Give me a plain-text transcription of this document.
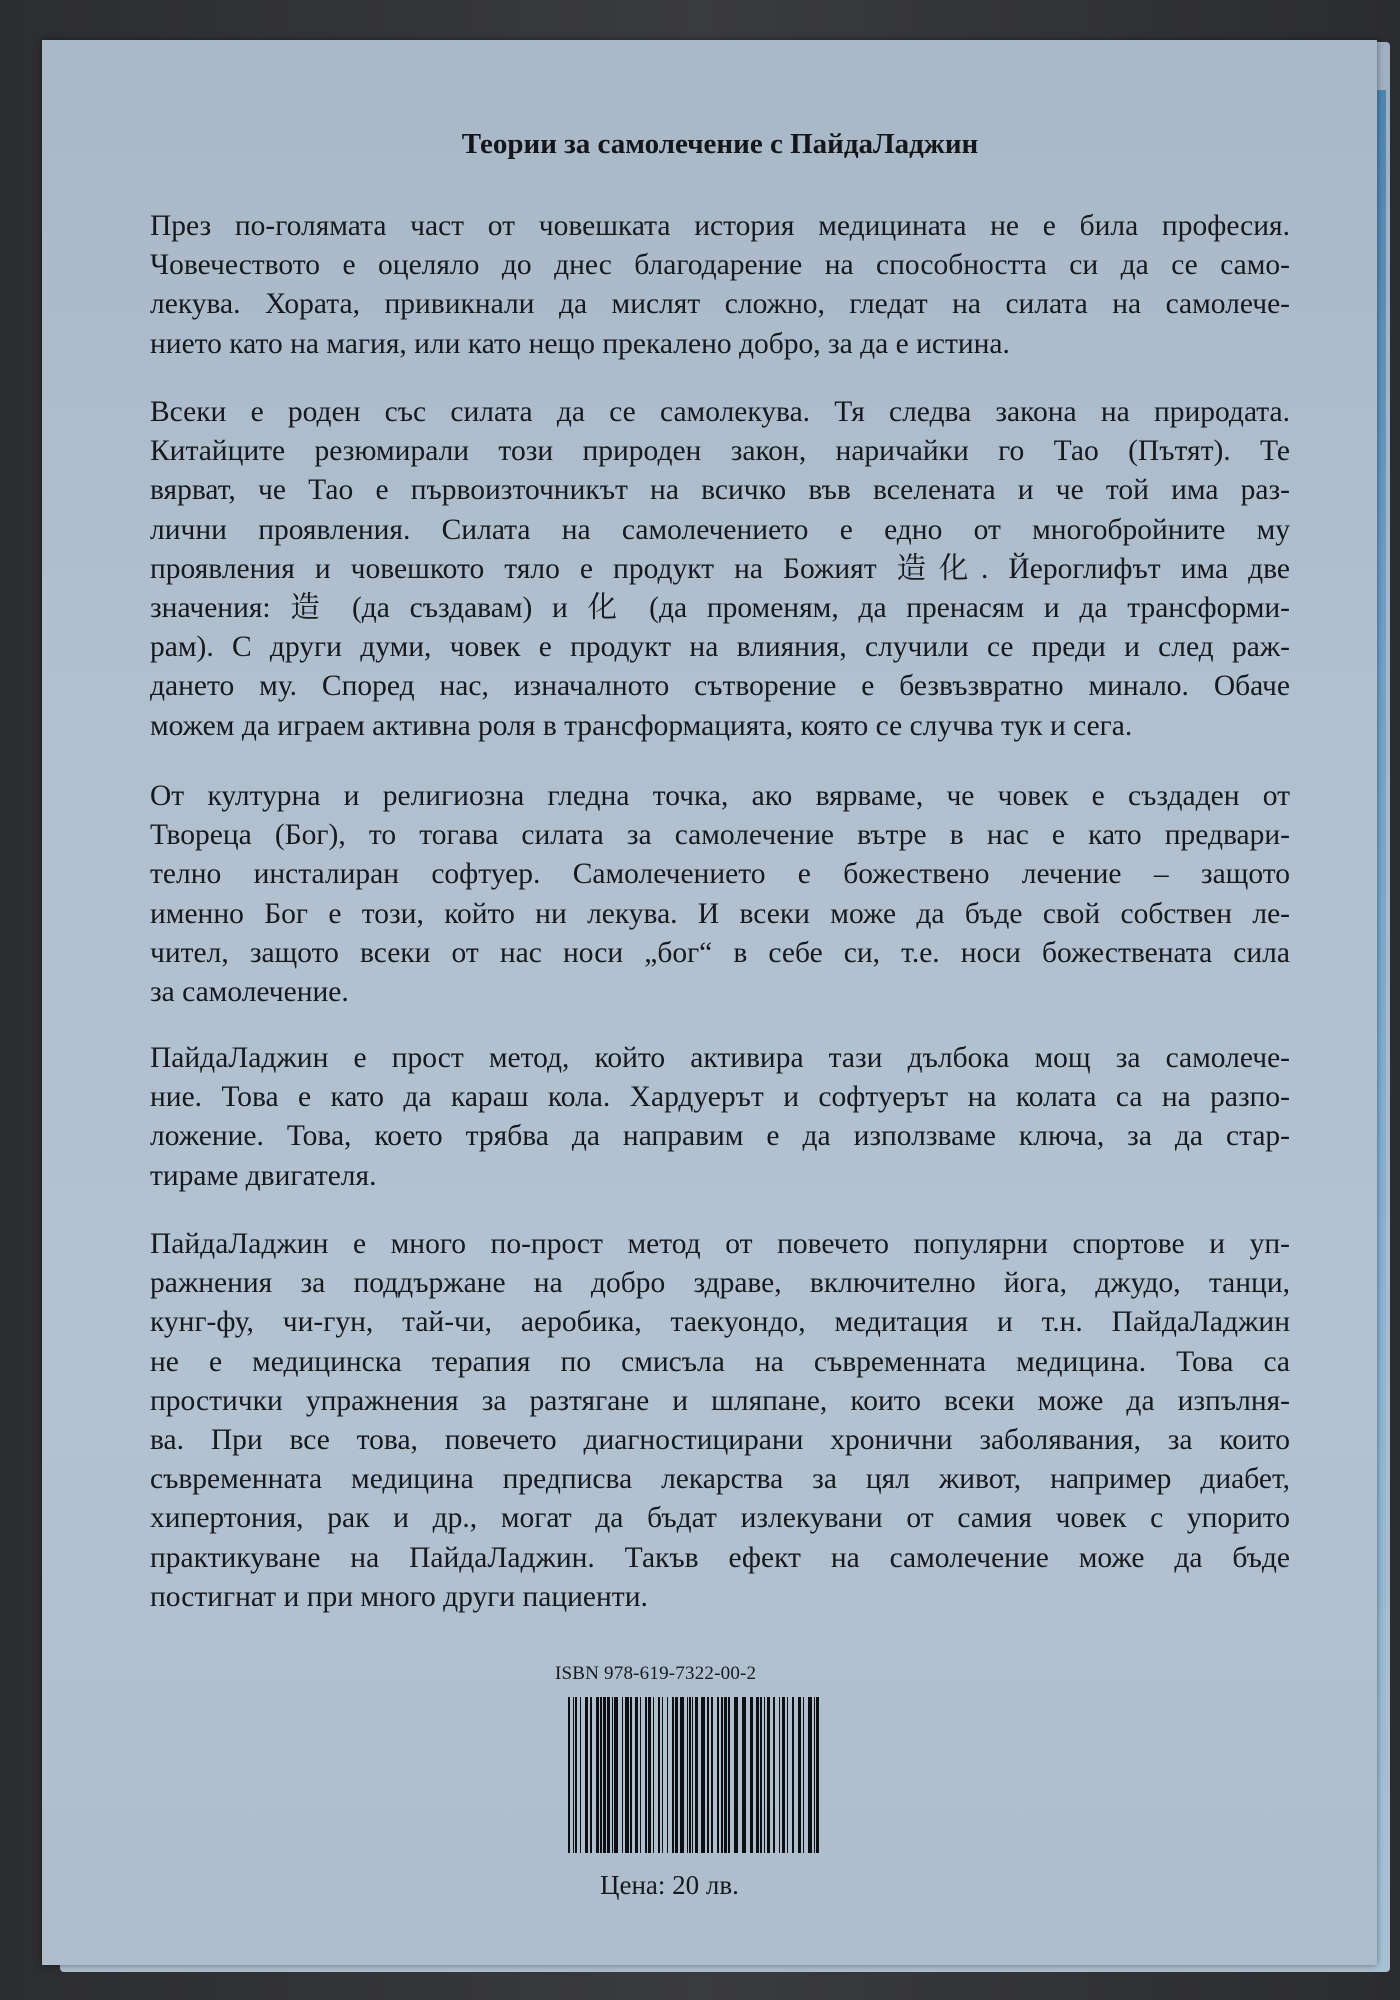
Теории за самолечение с ПайдаЛаджин

През по-голямата част от човешката история медицината не е била професия.
Човечеството е оцеляло до днес благодарение на способността си да се само-
лекува. Хората, привикнали да мислят сложно, гледат на силата на самолече-
нието като на магия, или като нещо прекалено добро, за да е истина.

Всеки е роден със силата да се самолекува. Тя следва закона на природата.
Китайците резюмирали този природен закон, наричайки го Тао (Пътят). Те
вярват, че Тао е първоизточникът на всичко във вселената и че той има раз-
лични проявления. Силата на самолечението е едно от многобройните му
проявления и човешкото тяло е продукт на Божият 造化. Йероглифът има две
значения: 造 (да създавам) и 化 (да променям, да пренасям и да трансформи-
рам). С други думи, човек е продукт на влияния, случили се преди и след раж-
дането му. Според нас, изначалното сътворение е безвъзвратно минало. Обаче
можем да играем активна роля в трансформацията, която се случва тук и сега.

От културна и религиозна гледна точка, ако вярваме, че човек е създаден от
Твореца (Бог), то тогава силата за самолечение вътре в нас е като предвари-
телно инсталиран софтуер. Самолечението е божествено лечение – защото
именно Бог е този, който ни лекува. И всеки може да бъде свой собствен ле-
чител, защото всеки от нас носи „бог“ в себе си, т.е. носи божествената сила
за самолечение.

ПайдаЛаджин е прост метод, който активира тази дълбока мощ за самолече-
ние. Това е като да караш кола. Хардуерът и софтуерът на колата са на разпо-
ложение. Това, което трябва да направим е да използваме ключа, за да стар-
тираме двигателя.

ПайдаЛаджин е много по-прост метод от повечето популярни спортове и уп-
ражнения за поддържане на добро здраве, включително йога, джудо, танци,
кунг-фу, чи-гун, тай-чи, аеробика, таекуондо, медитация и т.н. ПайдаЛаджин
не е медицинска терапия по смисъла на съвременната медицина. Това са
простички упражнения за разтягане и шляпане, които всеки може да изпълня-
ва. При все това, повечето диагностицирани хронични заболявания, за които
съвременната медицина предписва лекарства за цял живот, например диабет,
хипертония, рак и др., могат да бъдат излекувани от самия човек с упорито
практикуване на ПайдаЛаджин. Такъв ефект на самолечение може да бъде
постигнат и при много други пациенти.

ISBN 978-619-7322-00-2
Цена: 20 лв.
